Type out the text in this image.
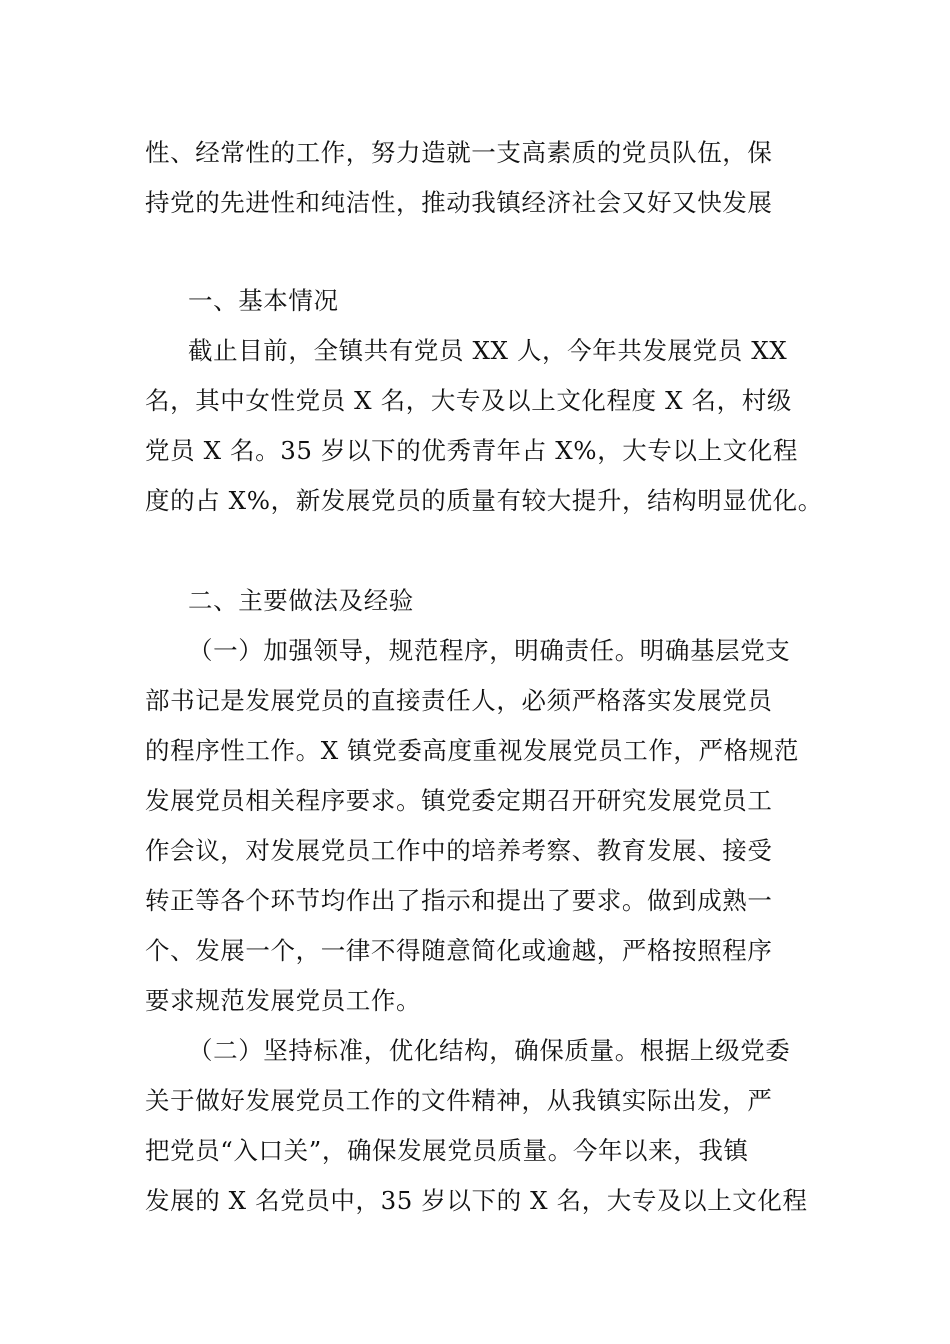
性、经常性的工作，努力造就一支高素质的党员队伍，保
持党的先进性和纯洁性，推动我镇经济社会又好又快发展
一、基本情况
截止目前，全镇共有党员 XX 人，今年共发展党员 XX
名，其中女性党员 X 名，大专及以上文化程度 X 名，村级
党员 X 名。35 岁以下的优秀青年占 X%，大专以上文化程
度的占 X%，新发展党员的质量有较大提升，结构明显优化。
二、主要做法及经验
（一）加强领导，规范程序，明确责任。明确基层党支
部书记是发展党员的直接责任人，必须严格落实发展党员
的程序性工作。X 镇党委高度重视发展党员工作，严格规范
发展党员相关程序要求。镇党委定期召开研究发展党员工
作会议，对发展党员工作中的培养考察、教育发展、接受
转正等各个环节均作出了指示和提出了要求。做到成熟一
个、发展一个，一律不得随意简化或逾越，严格按照程序
要求规范发展党员工作。
（二）坚持标准，优化结构，确保质量。根据上级党委
关于做好发展党员工作的文件精神，从我镇实际出发，严
把党员“入口关”，确保发展党员质量。今年以来，我镇
发展的 X 名党员中，35 岁以下的 X 名，大专及以上文化程
